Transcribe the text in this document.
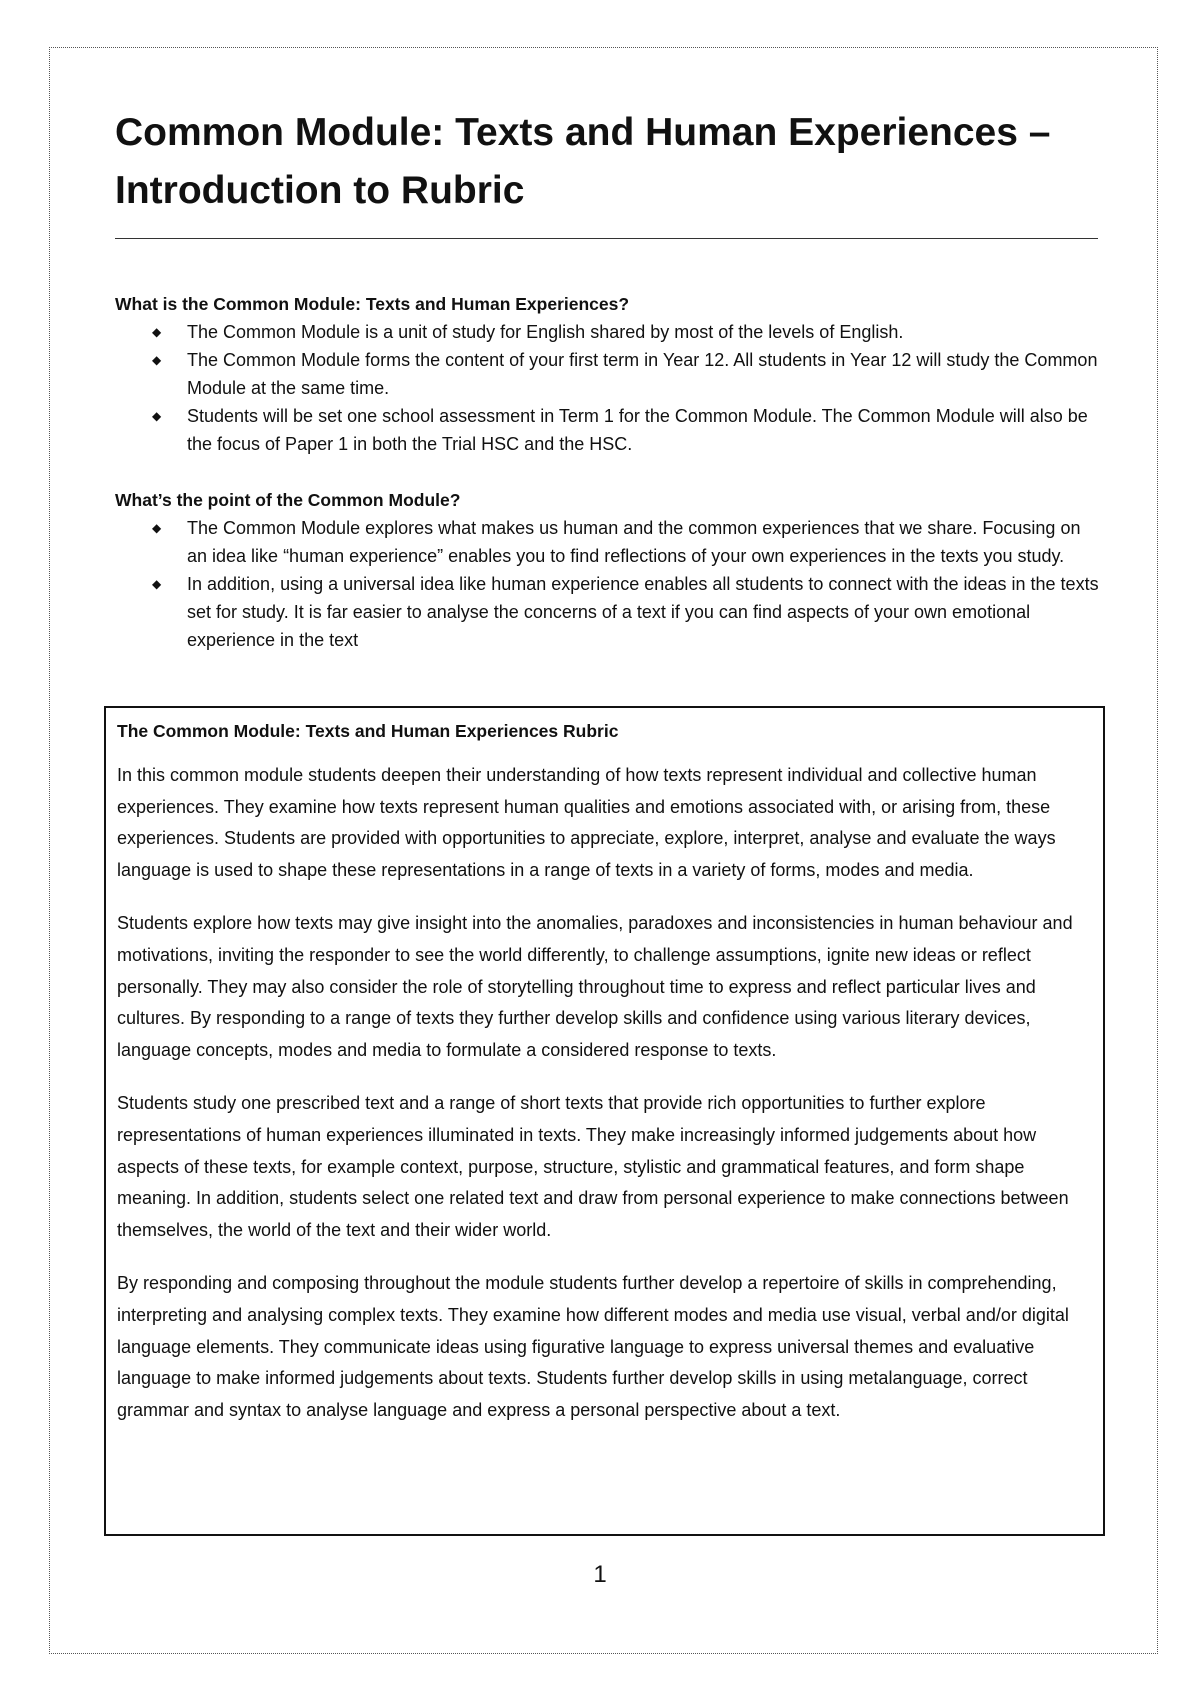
Common Module: Texts and Human Experiences – Introduction to Rubric
What is the Common Module: Texts and Human Experiences?
◆ The Common Module is a unit of study for English shared by most of the levels of English.
◆ The Common Module forms the content of your first term in Year 12. All students in Year 12 will study the Common Module at the same time.
◆ Students will be set one school assessment in Term 1 for the Common Module. The Common Module will also be the focus of Paper 1 in both the Trial HSC and the HSC.
What’s the point of the Common Module?
◆ The Common Module explores what makes us human and the common experiences that we share. Focusing on an idea like “human experience” enables you to find reflections of your own experiences in the texts you study.
◆ In addition, using a universal idea like human experience enables all students to connect with the ideas in the texts set for study. It is far easier to analyse the concerns of a text if you can find aspects of your own emotional experience in the text
The Common Module: Texts and Human Experiences Rubric

In this common module students deepen their understanding of how texts represent individual and collective human experiences. They examine how texts represent human qualities and emotions associated with, or arising from, these experiences. Students are provided with opportunities to appreciate, explore, interpret, analyse and evaluate the ways language is used to shape these representations in a range of texts in a variety of forms, modes and media.

Students explore how texts may give insight into the anomalies, paradoxes and inconsistencies in human behaviour and motivations, inviting the responder to see the world differently, to challenge assumptions, ignite new ideas or reflect personally. They may also consider the role of storytelling throughout time to express and reflect particular lives and cultures. By responding to a range of texts they further develop skills and confidence using various literary devices, language concepts, modes and media to formulate a considered response to texts.

Students study one prescribed text and a range of short texts that provide rich opportunities to further explore representations of human experiences illuminated in texts. They make increasingly informed judgements about how aspects of these texts, for example context, purpose, structure, stylistic and grammatical features, and form shape meaning. In addition, students select one related text and draw from personal experience to make connections between themselves, the world of the text and their wider world.

By responding and composing throughout the module students further develop a repertoire of skills in comprehending, interpreting and analysing complex texts. They examine how different modes and media use visual, verbal and/or digital language elements. They communicate ideas using figurative language to express universal themes and evaluative language to make informed judgements about texts. Students further develop skills in using metalanguage, correct grammar and syntax to analyse language and express a personal perspective about a text.

1
